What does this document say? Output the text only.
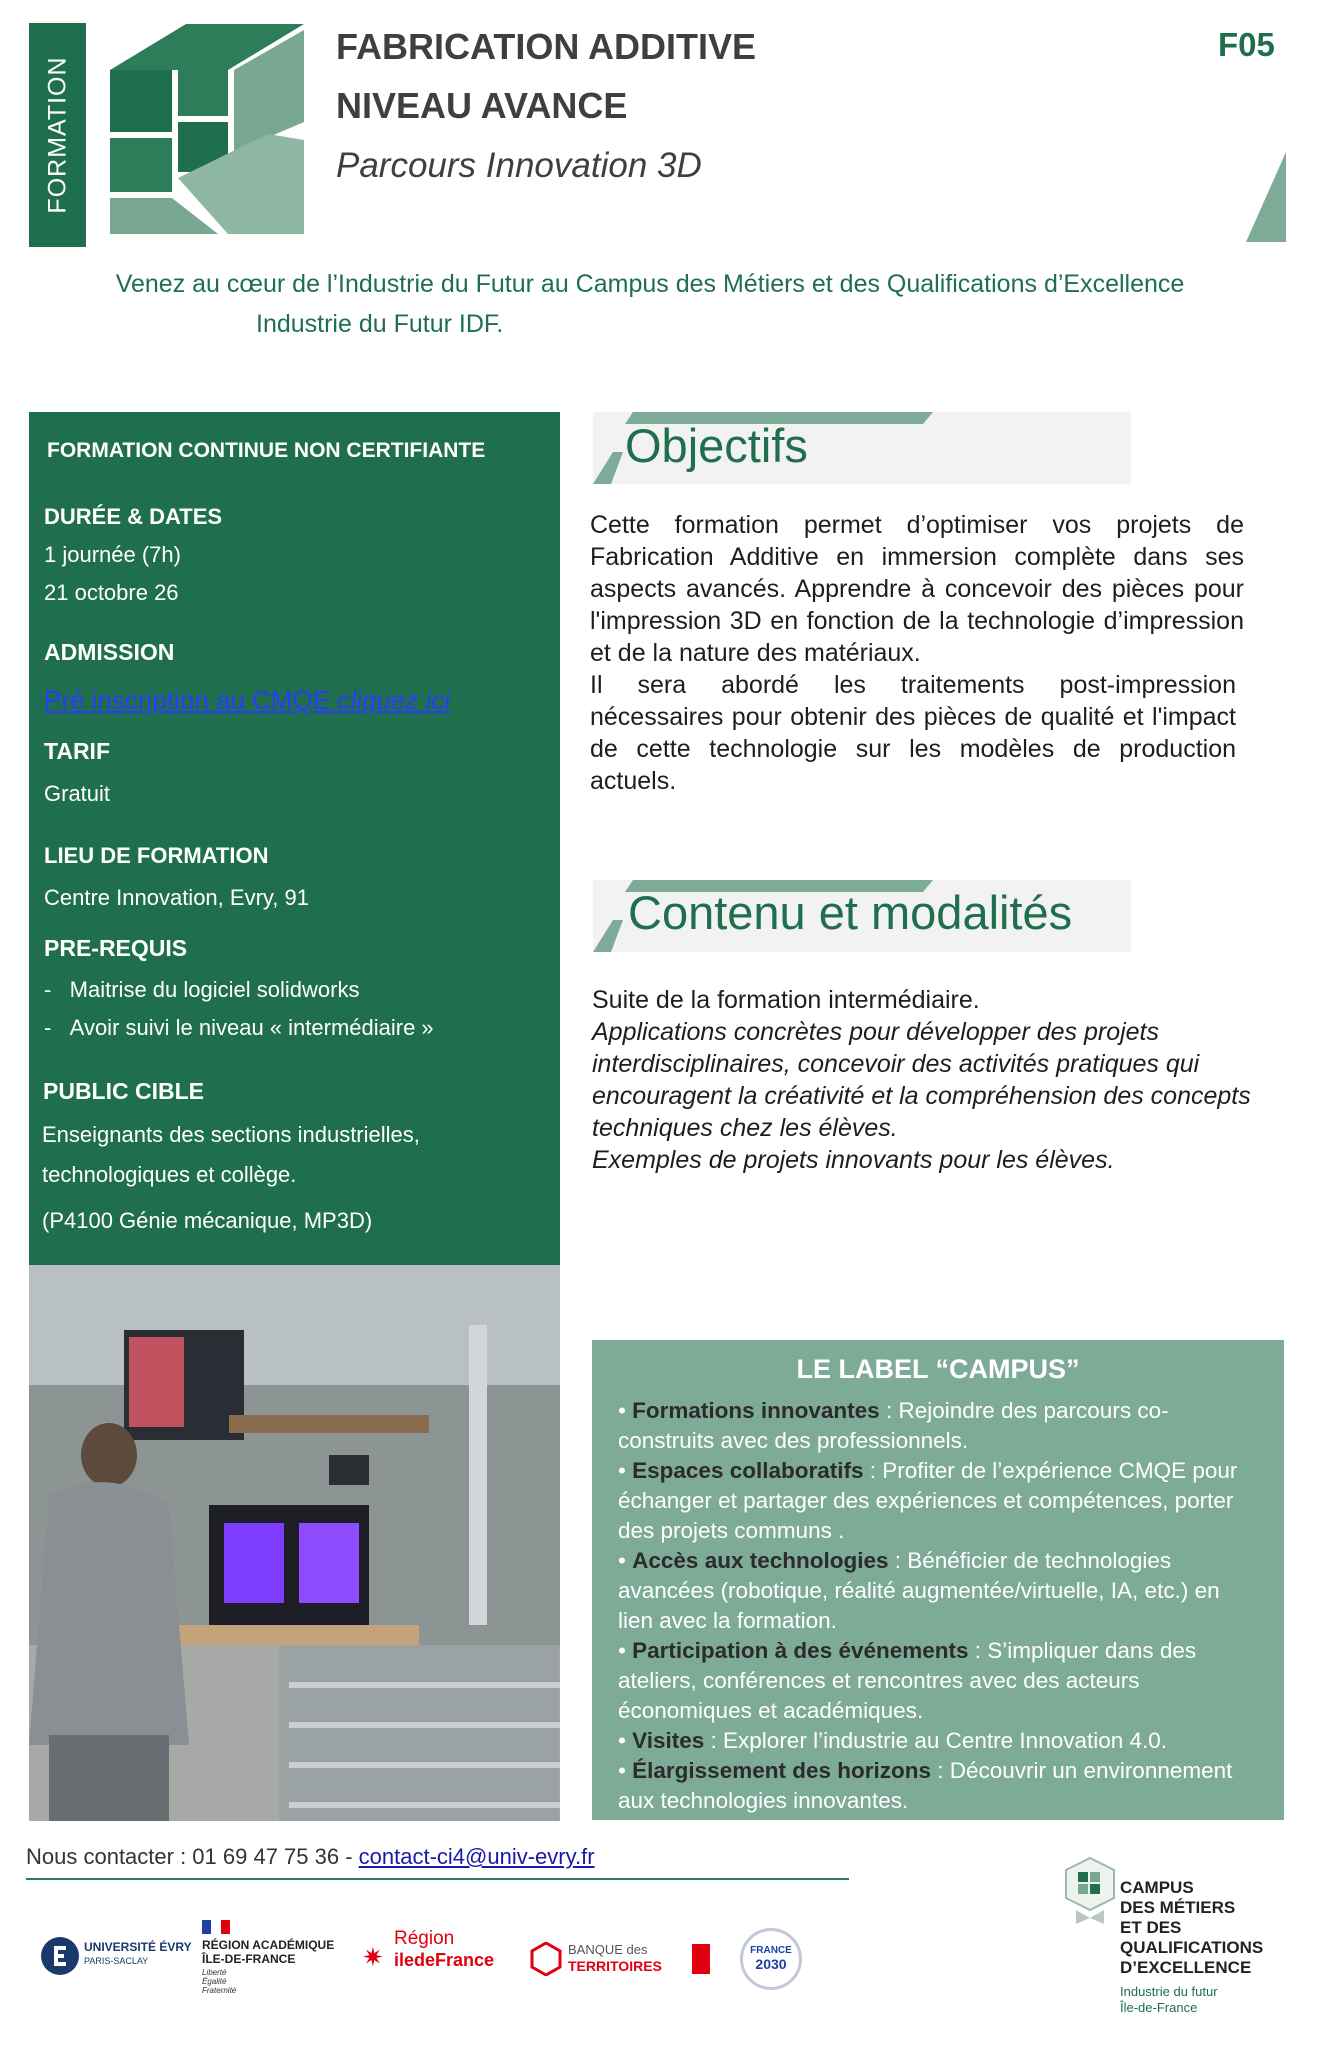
FORMATION
FABRICATION ADDITIVE
NIVEAU AVANCE
Parcours Innovation 3D
F05
Venez au cœur de l’Industrie du Futur au Campus des Métiers et des Qualifications d’Excellence
Industrie du Futur IDF.
FORMATION CONTINUE NON CERTIFIANTE
DURÉE & DATES
1 journée (7h)
21 octobre 26
ADMISSION
Pré inscription au CMQE cliquez ici
TARIF
Gratuit
LIEU DE FORMATION
Centre Innovation, Evry, 91
PRE-REQUIS
-   Maitrise du logiciel solidworks
-   Avoir suivi le niveau « intermédiaire »
PUBLIC CIBLE
Enseignants des sections industrielles,
technologiques et collège.
(P4100 Génie mécanique, MP3D)
Objectifs

Cette formation permet d’optimiser vos projets de Fabrication Additive en immersion complète dans ses aspects avancés. Apprendre à concevoir des pièces pour l'impression 3D en fonction de la technologie d’impression et de la nature des matériaux.

Il sera abordé les traitements post-impression nécessaires pour obtenir des pièces de qualité et l'impact de cette technologie sur les modèles de production actuels.

Contenu et modalités

Suite de la formation intermédiaire.

Applications concrètes pour développer des projets interdisciplinaires, concevoir des activités pratiques qui encouragent la créativité et la compréhension des concepts techniques chez les élèves.

Exemples de projets innovants pour les élèves.

LE LABEL “CAMPUS”
• Formations innovantes : Rejoindre des parcours co-construits avec des professionnels.
• Espaces collaboratifs : Profiter de l’expérience CMQE pour échanger et partager des expériences et compétences, porter des projets communs .
• Accès aux technologies : Bénéficier de technologies avancées (robotique, réalité augmentée/virtuelle, IA, etc.) en lien avec la formation.
• Participation à des événements : S’impliquer dans des ateliers, conférences et rencontres avec des acteurs économiques et académiques.
• Visites : Explorer l’industrie au Centre Innovation 4.0.
• Élargissement des horizons : Découvrir un environnement aux technologies innovantes.
Nous contacter : 01 69 47 75 36 - contact-ci4@univ-evry.fr
UNIVERSITÉ ÉVRY
PARIS-SACLAY
RÉGION ACADÉMIQUE
ÎLE-DE-FRANCE
Liberté
Égalité
Fraternité
✷
Région
iledeFrance
BANQUE des
TERRITOIRES
FRANCE
2030
CAMPUS
DES MÉTIERS
ET DES
QUALIFICATIONS
D’EXCELLENCE
Industrie du futur
Île-de-France
